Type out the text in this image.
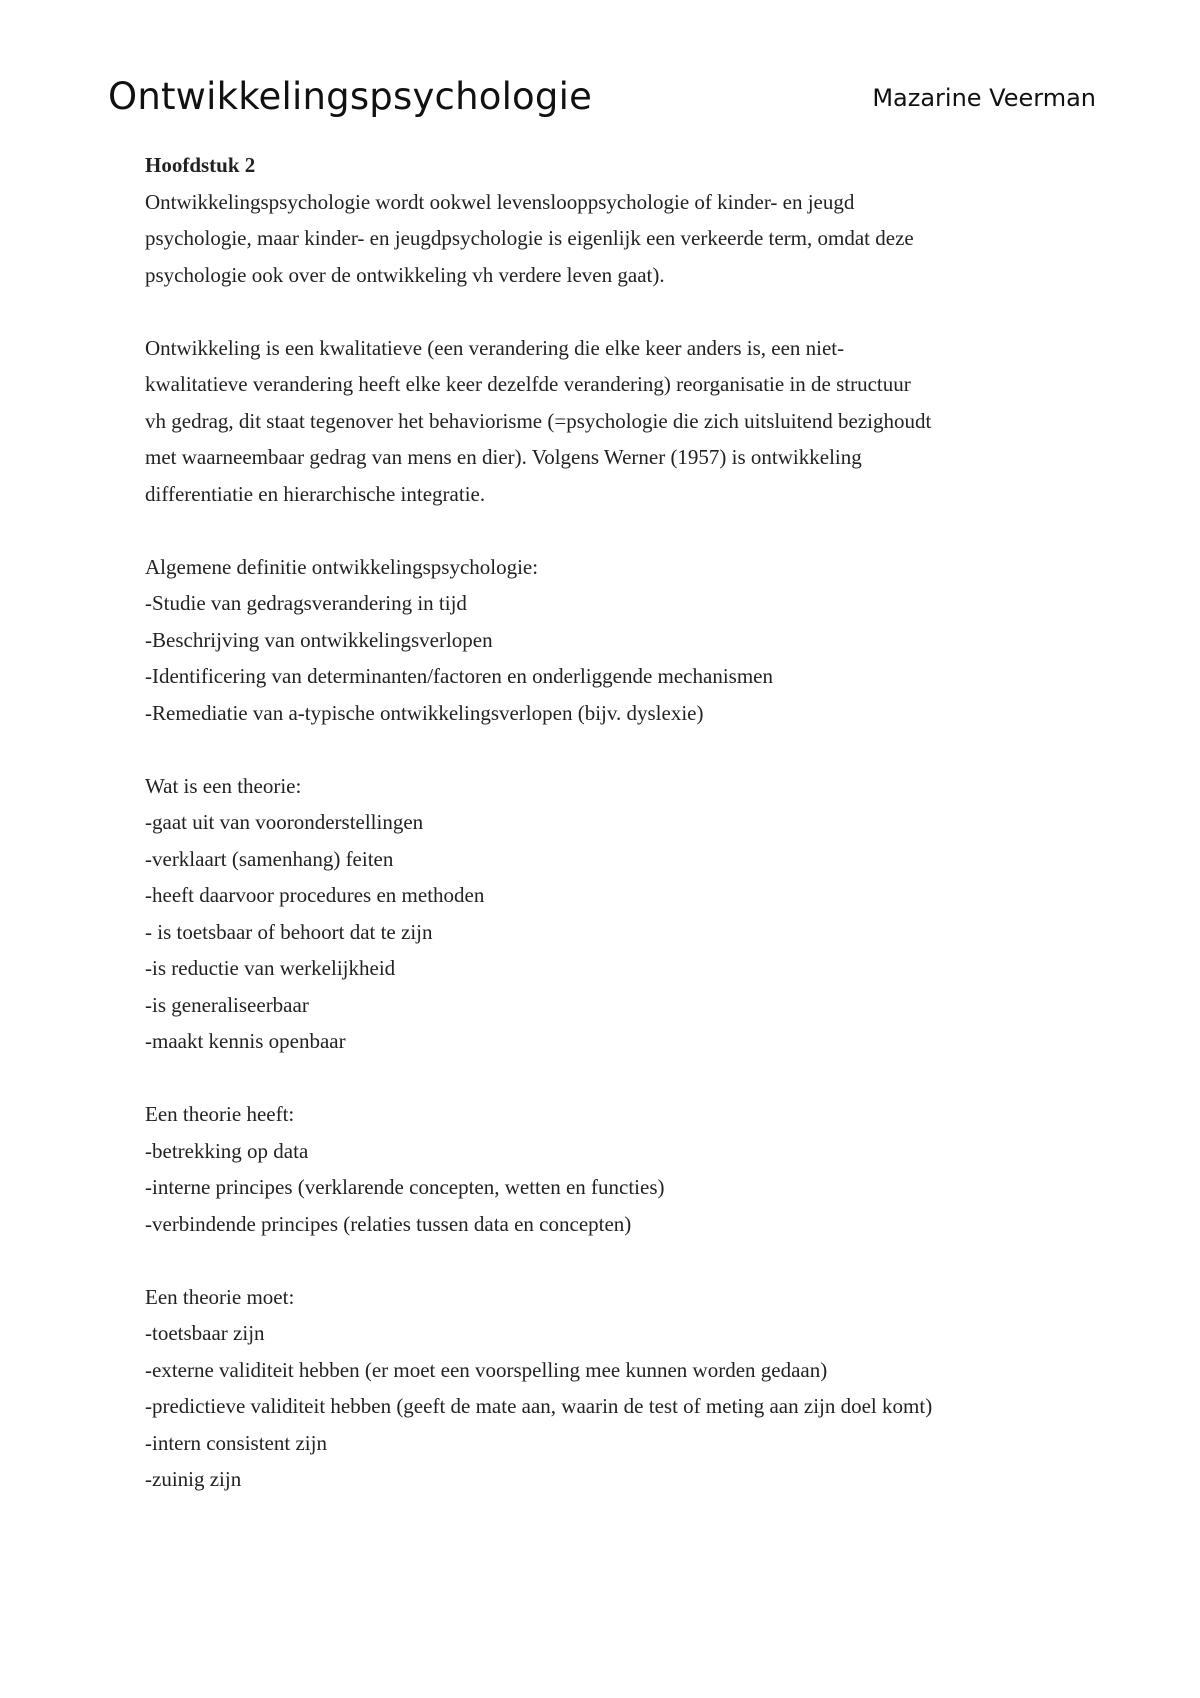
Ontwikkelingspsychologie	Mazarine Veerman

Hoofdstuk 2

Ontwikkelingspsychologie wordt ookwel levenslooppsychologie of kinder- en jeugd

psychologie, maar kinder- en jeugdpsychologie is eigenlijk een verkeerde term, omdat deze

psychologie ook over de ontwikkeling vh verdere leven gaat).

Ontwikkeling is een kwalitatieve (een verandering die elke keer anders is, een niet-

kwalitatieve verandering heeft elke keer dezelfde verandering) reorganisatie in de structuur

vh gedrag, dit staat tegenover het behaviorisme (=psychologie die zich uitsluitend bezighoudt

met waarneembaar gedrag van mens en dier). Volgens Werner (1957) is ontwikkeling

differentiatie en hierarchische integratie.

Algemene definitie ontwikkelingspsychologie:

-Studie van gedragsverandering in tijd
-Beschrijving van ontwikkelingsverlopen
-Identificering van determinanten/factoren en onderliggende mechanismen
-Remediatie van a-typische ontwikkelingsverlopen (bijv. dyslexie)

Wat is een theorie:

-gaat uit van vooronderstellingen
-verklaart (samenhang) feiten
-heeft daarvoor procedures en methoden
- is toetsbaar of behoort dat te zijn
-is reductie van werkelijkheid
-is generaliseerbaar
-maakt kennis openbaar

Een theorie heeft:

-betrekking op data
-interne principes (verklarende concepten, wetten en functies)
-verbindende principes (relaties tussen data en concepten)

Een theorie moet:

-toetsbaar zijn
-externe validiteit hebben (er moet een voorspelling mee kunnen worden gedaan)
-predictieve validiteit hebben (geeft de mate aan, waarin de test of meting aan zijn doel komt)
-intern consistent zijn
-zuinig zijn
